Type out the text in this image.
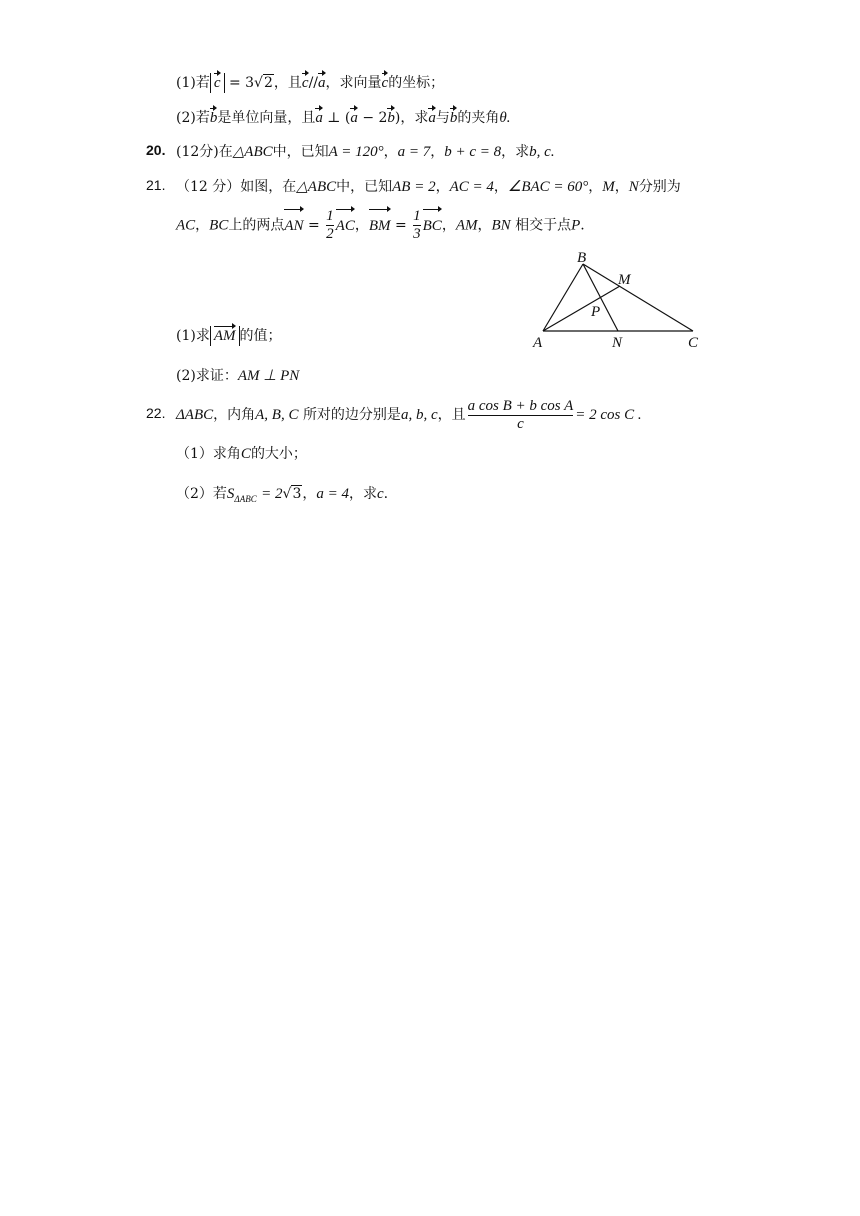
(1)若 c = 3√2，且c//a，求向量c的坐标；
(2)若b是单位向量，且a ⊥ (a − 2b)，求a与b的夹角θ.
20. (12分)在△ABC中，已知A = 120°，a = 7，b + c = 8，求b, c.
21. （12 分）如图，在△ABC中，已知AB = 2，AC = 4，∠BAC = 60°，M，N分别为
AC，BC上的两点AN = $\frac{1}{2}$ AC，BM = $\frac{1}{3}$ BC，AM，BN 相交于点P.
B
M
P
A	N	C
(1)求 AM 的值；
(2)求证：AM ⊥ PN
22. ΔABC，内角A, B, C 所对的边分别是a, b, c，且 $\frac{\text{a cos B + b cos A}}{c} = 2$ cos C .
（1）求角C的大小；
（2）若$S_{\Delta ABC} = 2√3$，a = 4，求c.
